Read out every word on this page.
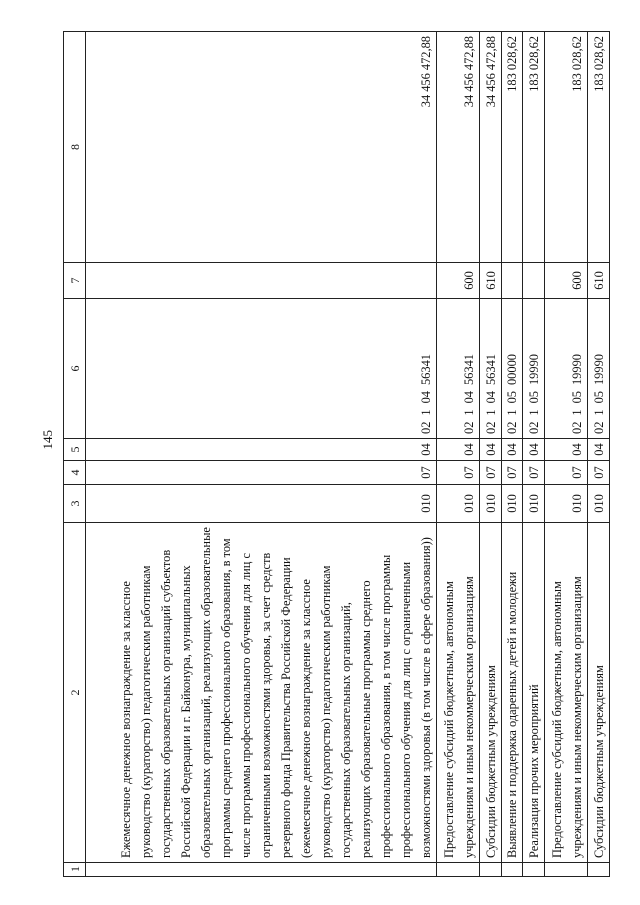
145
1	2	3	4	5	6	7	8
	Ежемесячное денежное вознаграждение за классное руководство (кураторство) педагогическим работникам государственных образовательных организаций субъектов Российской Федерации и г. Байконура, муниципальных образовательных организаций, реализующих образовательные программы среднего профессионального образования, в том числе программы профессионального обучения для лиц с ограниченными возможностями здоровья, за счет средств резервного фонда Правительства Российской Федерации (ежемесячное денежное вознаграждение за классное руководство (кураторство) педагогическим работникам государственных образовательных организаций, реализующих образовательные программы среднего профессионального образования, в том числе программы профессионального обучения для лиц с ограниченными возможностями здоровья (в том числе в сфере образования))	010	07	04	0210456341		34 456 472,88
	Предоставление субсидий бюджетным, автономным учреждениям и иным некоммерческим организациям	010	07	04	0210456341	600	34 456 472,88
	Субсидии бюджетным учреждениям	010	07	04	0210456341	610	34 456 472,88
	Выявление и поддержка одаренных детей и молодежи	010	07	04	0210500000		183 028,62
	Реализация прочих мероприятий	010	07	04	0210519990		183 028,62
	Предоставление субсидий бюджетным, автономным учреждениям и иным некоммерческим организациям	010	07	04	0210519990	600	183 028,62
	Субсидии бюджетным учреждениям	010	07	04	0210519990	610	183 028,62
